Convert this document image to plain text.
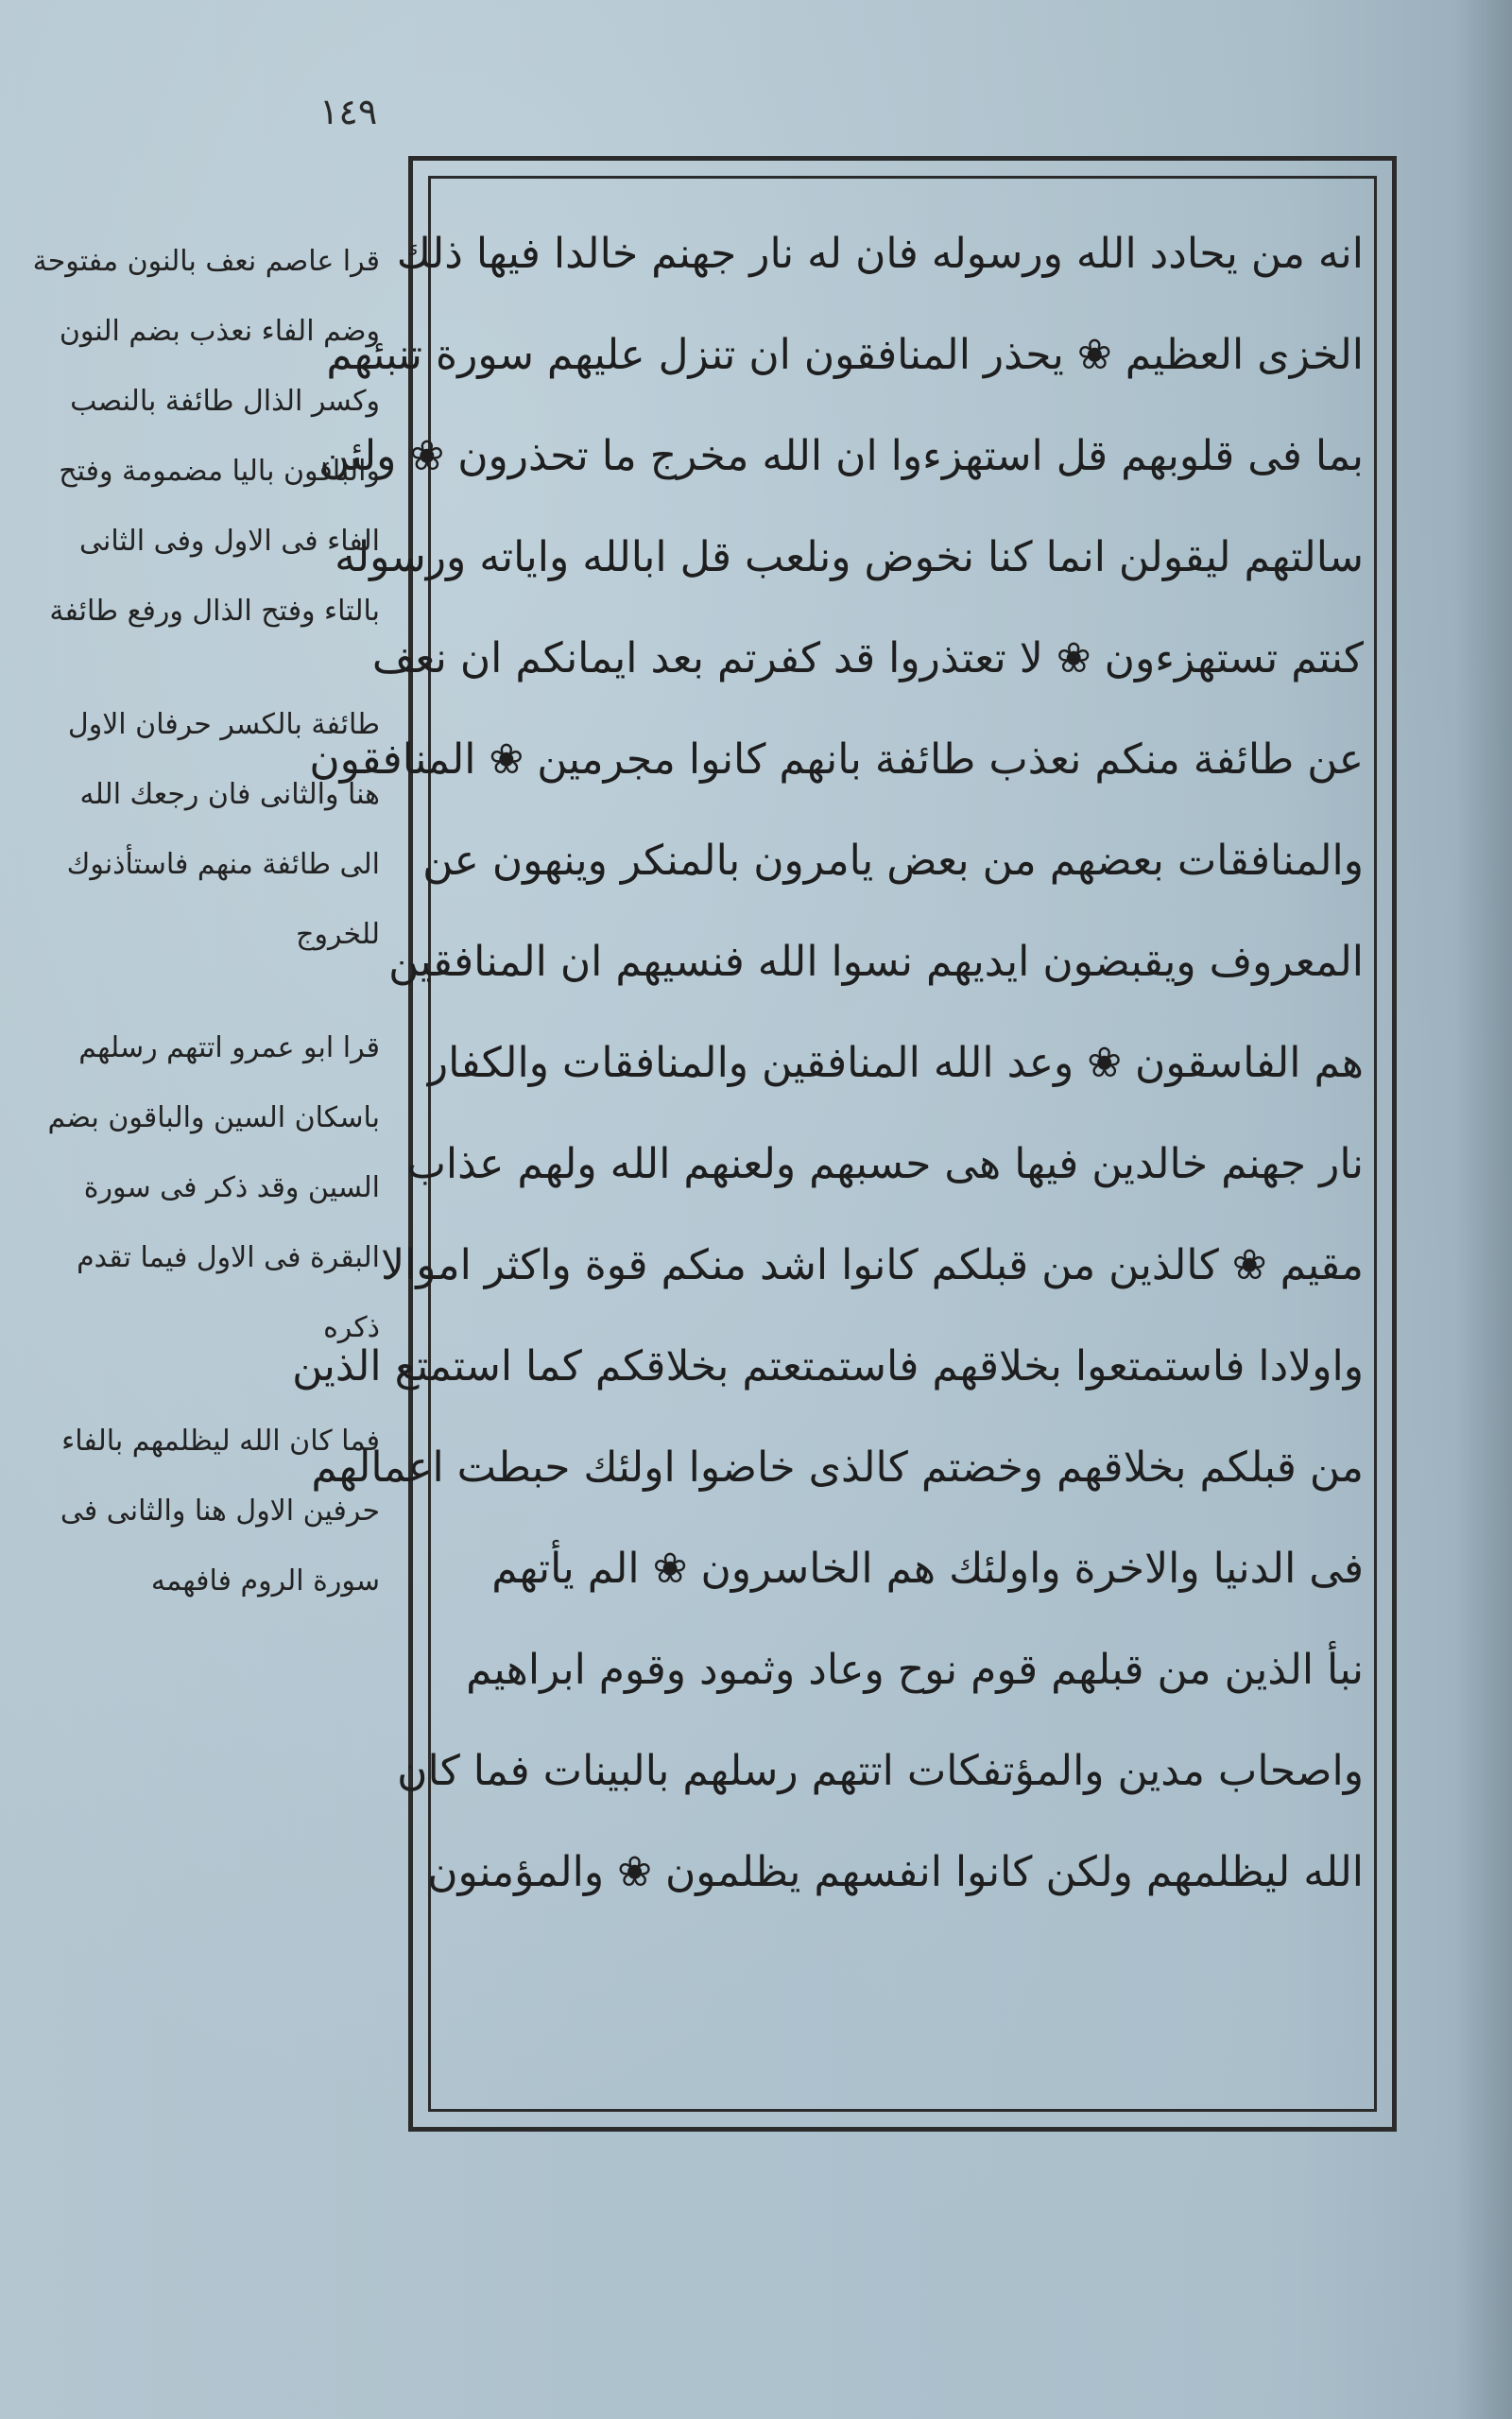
١٤٩
انه من يحادد الله ورسوله فان له نار جهنم خالدا فيها ذلك
الخزى العظيم ❀ يحذر المنافقون ان تنزل عليهم سورة تنبئهم
بما فى قلوبهم قل استهزءوا ان الله مخرج ما تحذرون ❀ ولئن
سالتهم ليقولن انما كنا نخوض ونلعب قل ابالله واياته ورسوله
كنتم تستهزءون ❀ لا تعتذروا قد كفرتم بعد ايمانكم ان نعف
عن طائفة منكم نعذب طائفة بانهم كانوا مجرمين ❀ المنافقون
والمنافقات بعضهم من بعض يامرون بالمنكر وينهون عن
المعروف ويقبضون ايديهم نسوا الله فنسيهم ان المنافقين
هم الفاسقون ❀ وعد الله المنافقين والمنافقات والكفار
نار جهنم خالدين فيها هى حسبهم ولعنهم الله ولهم عذاب
مقيم ❀ كالذين من قبلكم كانوا اشد منكم قوة واكثر اموالا
واولادا فاستمتعوا بخلاقهم فاستمتعتم بخلاقكم كما استمتع الذين
من قبلكم بخلاقهم وخضتم كالذى خاضوا اولئك حبطت اعمالهم
فى الدنيا والاخرة واولئك هم الخاسرون ❀ الم يأتهم
نبأ الذين من قبلهم قوم نوح وعاد وثمود وقوم ابراهيم
واصحاب مدين والمؤتفكات اتتهم رسلهم بالبينات فما كان
الله ليظلمهم ولكن كانوا انفسهم يظلمون ❀ والمؤمنون
قرا عاصم نعف بالنون مفتوحة
وضم الفاء نعذب بضم النون
وكسر الذال طائفة بالنصب
والباقون باليا مضمومة وفتح
الفاء فى الاول وفى الثانى
بالتاء وفتح الذال ورفع طائفة
طائفة بالكسر حرفان الاول
هنا والثانى فان رجعك الله
الى طائفة منهم فاستأذنوك
للخروج
قرا ابو عمرو اتتهم رسلهم
باسكان السين والباقون بضم
السين وقد ذكر فى سورة
البقرة فى الاول فيما تقدم
ذكره
فما كان الله ليظلمهم بالفاء
حرفين الاول هنا والثانى فى
سورة الروم فافهمه
